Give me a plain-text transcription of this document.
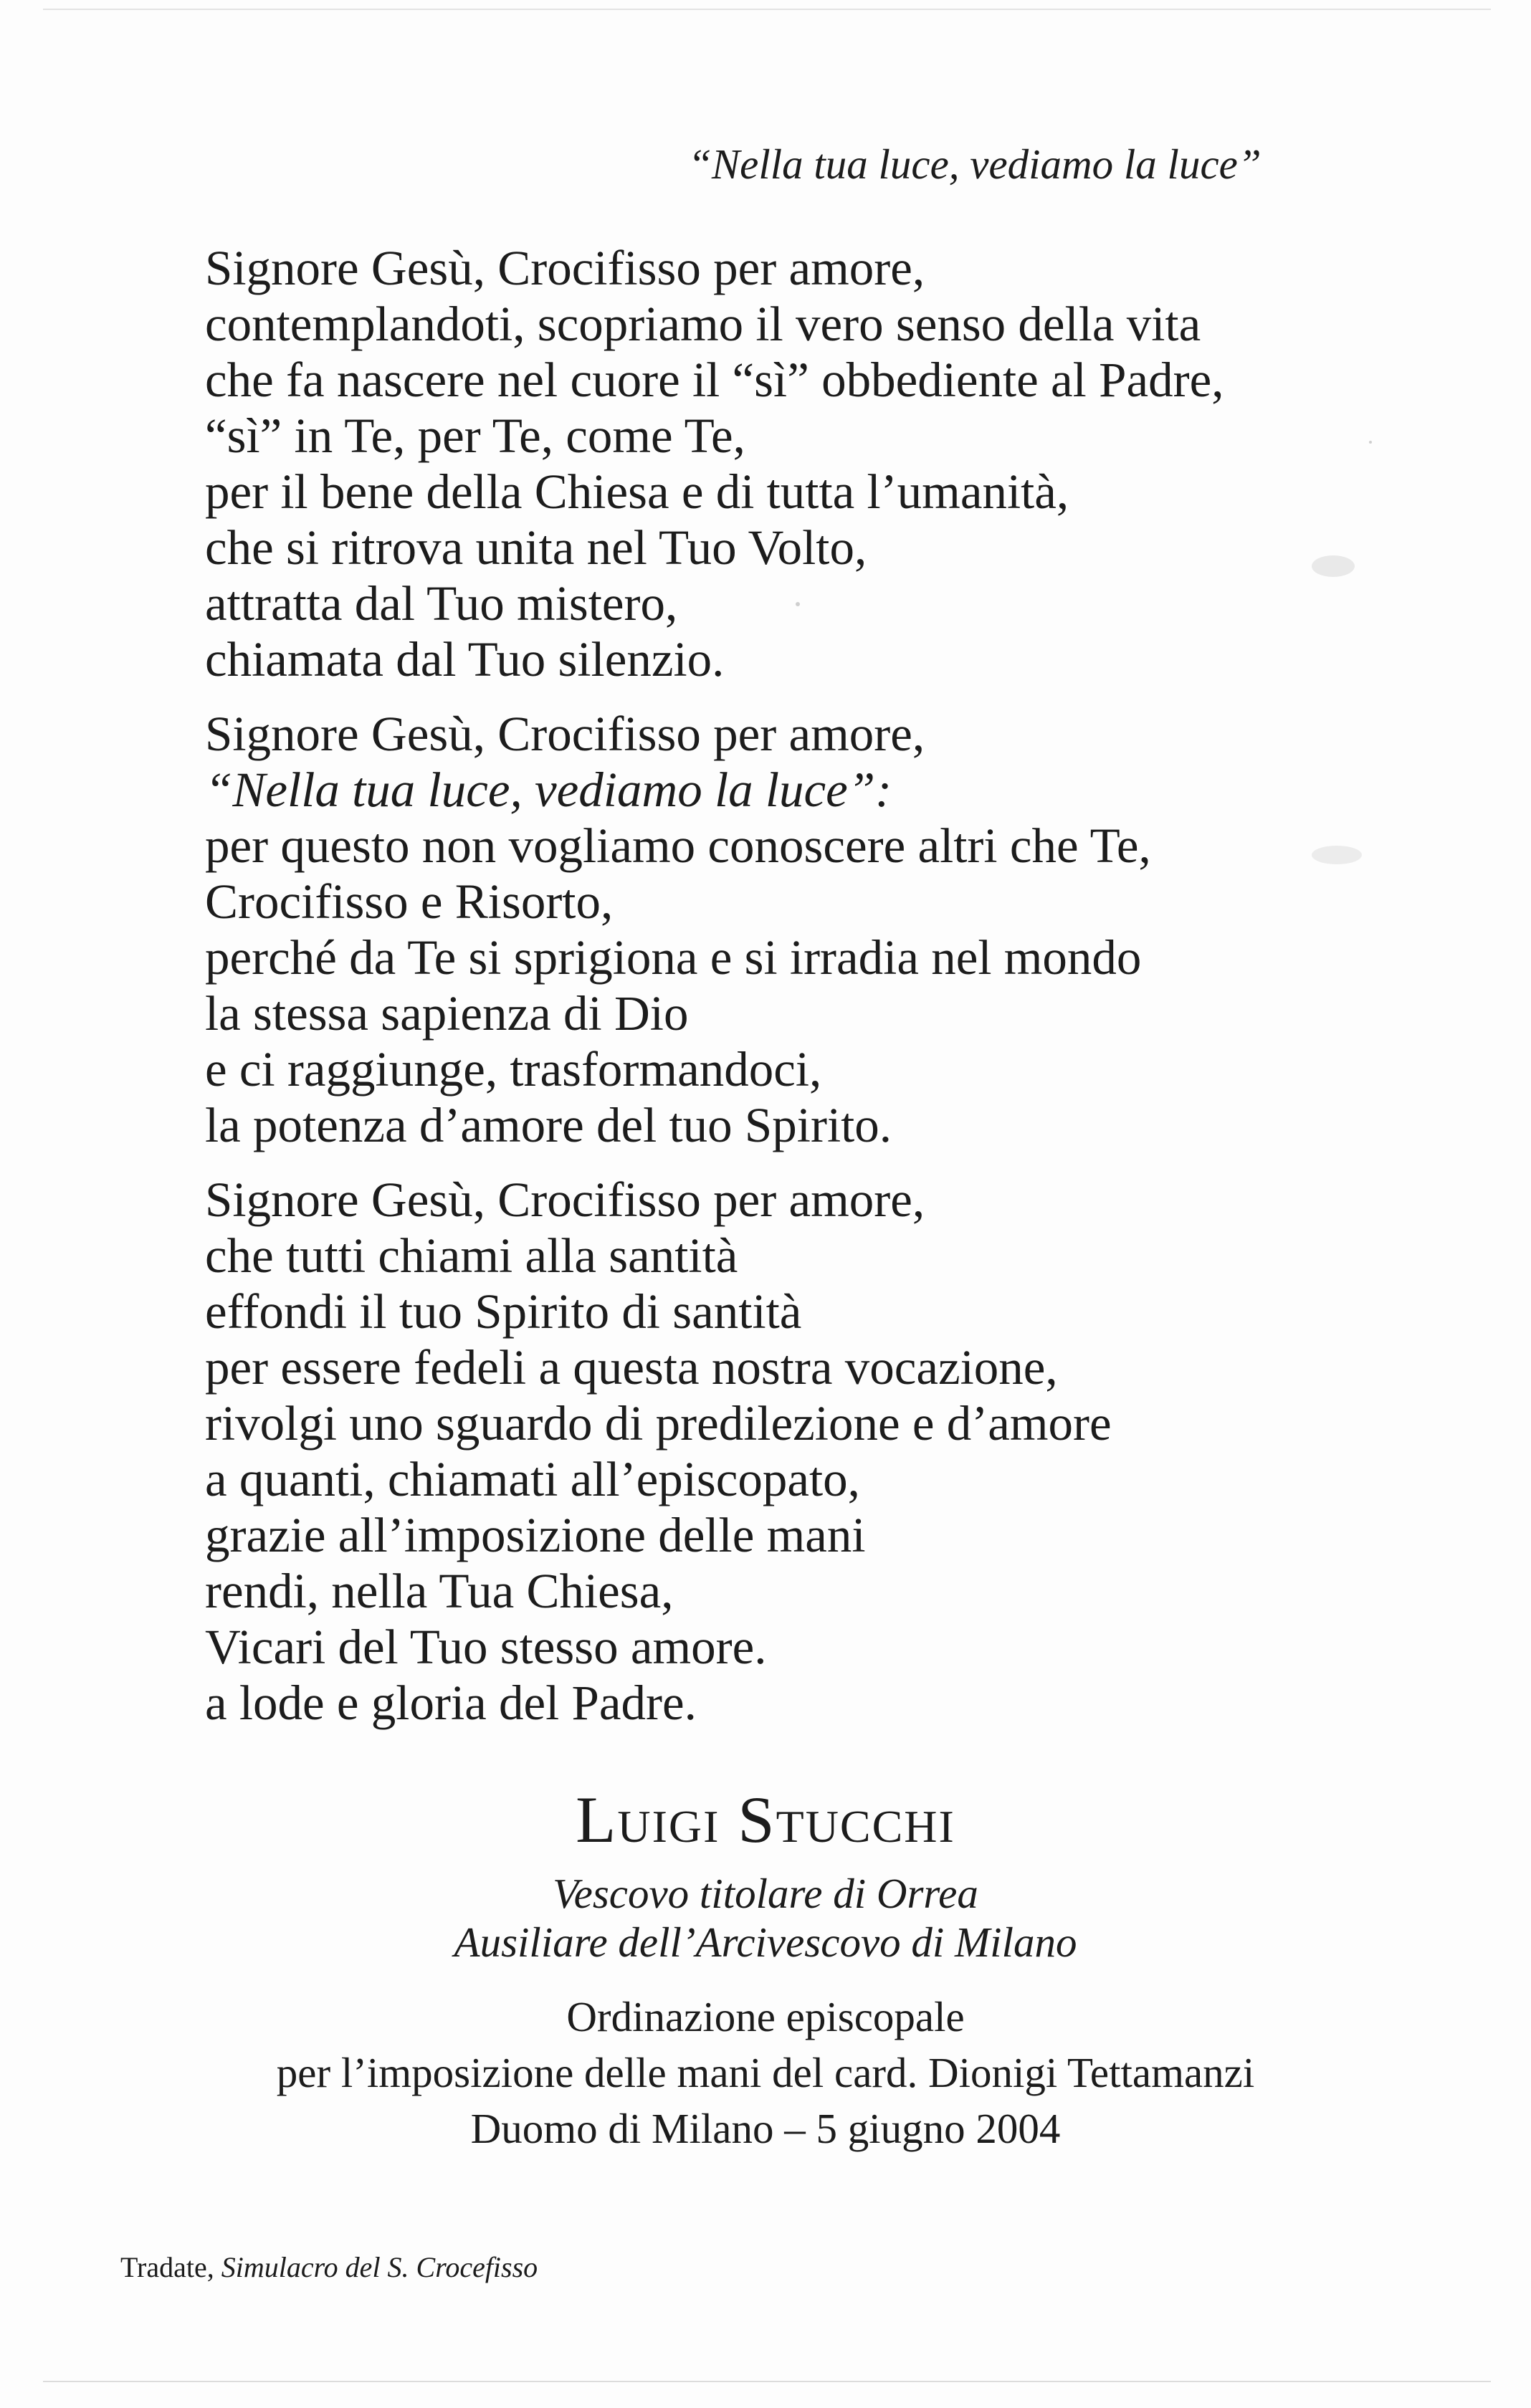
“Nella tua luce, vediamo la luce”
Signore Gesù, Crocifisso per amore,
contemplandoti, scopriamo il vero senso della vita
che fa nascere nel cuore il “sì” obbediente al Padre,
“sì” in Te, per Te, come Te,
per il bene della Chiesa e di tutta l’umanità,
che si ritrova unita nel Tuo Volto,
attratta dal Tuo mistero,
chiamata dal Tuo silenzio.
Signore Gesù, Crocifisso per amore,
“Nella tua luce, vediamo la luce”:
per questo non vogliamo conoscere altri che Te,
Crocifisso e Risorto,
perché da Te si sprigiona e si irradia nel mondo
la stessa sapienza di Dio
e ci raggiunge, trasformandoci,
la potenza d’amore del tuo Spirito.
Signore Gesù, Crocifisso per amore,
che tutti chiami alla santità
effondi il tuo Spirito di santità
per essere fedeli a questa nostra vocazione,
rivolgi uno sguardo di predilezione e d’amore
a quanti, chiamati all’episcopato,
grazie all’imposizione delle mani
rendi, nella Tua Chiesa,
Vicari del Tuo stesso amore.
a lode e gloria del Padre.
Luigi Stucchi
Vescovo titolare di Orrea
Ausiliare dell’Arcivescovo di Milano
Ordinazione episcopale
per l’imposizione delle mani del card. Dionigi Tettamanzi
Duomo di Milano – 5 giugno 2004
Tradate, Simulacro del S. Crocefisso
